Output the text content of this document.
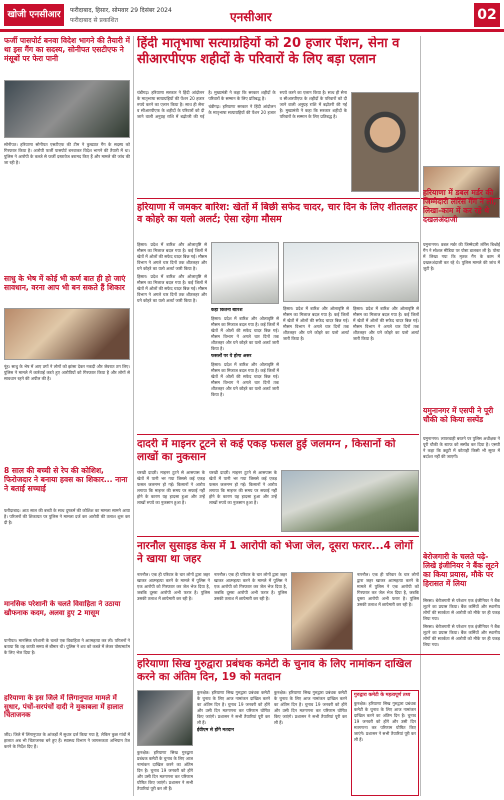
खोजी एनसीआर	फरीदाबाद, हिसार, सोमवार 29 दिसंबर 2024
फरीदाबाद से प्रकाशित	एनसीआर	02
फर्जी पासपोर्ट बनवा विदेश भागने की तैयारी में था इस गैंग का सदस्य, सोनीपत एसटीएफ ने मंसूबों पर फेरा पानी

सोनीपत। हरियाणा सोनीपत एसटीएफ की टीम ने कुख्यात गैंग के सदस्य को गिरफ्तार किया है। आरोपी फर्जी पासपोर्ट बनवाकर विदेश भागने की तैयारी में था। पुलिस ने आरोपी के कब्जे से फर्जी दस्तावेज बरामद किए हैं और मामले की जांच की जा रही है।

साधु के भेष में कोई भी कर्ण बात ही हो जाएं सावधान, वरना आप भी बन सकते हैं शिकार

नूंह। साधु के भेष में आए ठगों ने लोगों को झांसा देकर नकदी और जेवरात ठग लिए। पुलिस ने मामले में कार्रवाई करते हुए आरोपियों को गिरफ्तार किया है और लोगों से सावधान रहने की अपील की है।

8 साल की बच्ची से रेप की कोशिश, फिरोजदार ने बनाया हवस का शिकार... नाना ने बताई सच्चाई

फरीदाबाद। आठ साल की बच्ची के साथ दुष्कर्म की कोशिश का मामला सामने आया है। परिजनों की शिकायत पर पुलिस ने मामला दर्ज कर आरोपी की तलाश शुरू कर दी है।

मानसिक परेशानी के चलते विवाहिता ने उठाया खौफनाक कदम, अलवा हुए 2 मासूम

पानीपत। मानसिक परेशानी के चलते एक विवाहिता ने आत्महत्या कर ली। परिजनों ने बताया कि वह काफी समय से बीमार थी। पुलिस ने शव को कब्जे में लेकर पोस्टमार्टम के लिए भेज दिया है।

हरियाणा के इस जिले में लिंगानुपात मामले में सुधार, पंचों-सरपंचों दादी ने मुकाबला में हालात चिंताजनक

जींद। जिले में लिंगानुपात के आंकड़ों में सुधार दर्ज किया गया है, लेकिन कुछ गांवों में हालात अब भी चिंताजनक बने हुए हैं। स्वास्थ्य विभाग ने जागरूकता अभियान तेज करने के निर्देश दिए हैं।

हिंदी मातृभाषा सत्याग्रहियों को 20 हजार पेंशन, सेना व सीआरपीएफ शहीदों के परिवारों के लिए बड़ा एलान

चंडीगढ़। हरियाणा सरकार ने हिंदी आंदोलन के मातृभाषा सत्याग्रहियों की पेंशन 20 हजार रुपये करने का एलान किया है। साथ ही सेना व सीआरपीएफ के शहीदों के परिवारों को दी जाने वाली अनुग्रह राशि में बढ़ोतरी की गई है। मुख्यमंत्री ने कहा कि सरकार शहीदों के परिवारों के सम्मान के लिए प्रतिबद्ध है।

चंडीगढ़। हरियाणा सरकार ने हिंदी आंदोलन के मातृभाषा सत्याग्रहियों की पेंशन 20 हजार रुपये करने का एलान किया है। साथ ही सेना व सीआरपीएफ के शहीदों के परिवारों को दी जाने वाली अनुग्रह राशि में बढ़ोतरी की गई है। मुख्यमंत्री ने कहा कि सरकार शहीदों के परिवारों के सम्मान के लिए प्रतिबद्ध है।

हरियाणा में जमकर बारिश: खेतों में बिछी सफेद चादर, चार दिन के लिए शीतलहर व कोहरे का यलो अलर्ट; ऐसा रहेगा मौसम

हिसार। प्रदेश में बारिश और ओलावृष्टि से मौसम का मिजाज बदल गया है। कई जिलों में खेतों में ओलों की सफेद चादर बिछ गई। मौसम विभाग ने अगले चार दिनों तक शीतलहर और घने कोहरे का यलो अलर्ट जारी किया है।

हिसार। प्रदेश में बारिश और ओलावृष्टि से मौसम का मिजाज बदल गया है। कई जिलों में खेतों में ओलों की सफेद चादर बिछ गई। मौसम विभाग ने अगले चार दिनों तक शीतलहर और घने कोहरे का यलो अलर्ट जारी किया है।

कहां कितनी बारिश

हिसार। प्रदेश में बारिश और ओलावृष्टि से मौसम का मिजाज बदल गया है। कई जिलों में खेतों में ओलों की सफेद चादर बिछ गई। मौसम विभाग ने अगले चार दिनों तक शीतलहर और घने कोहरे का यलो अलर्ट जारी किया है।

फसलों पर ये होगा असर

हिसार। प्रदेश में बारिश और ओलावृष्टि से मौसम का मिजाज बदल गया है। कई जिलों में खेतों में ओलों की सफेद चादर बिछ गई। मौसम विभाग ने अगले चार दिनों तक शीतलहर और घने कोहरे का यलो अलर्ट जारी किया है।

हिसार। प्रदेश में बारिश और ओलावृष्टि से मौसम का मिजाज बदल गया है। कई जिलों में खेतों में ओलों की सफेद चादर बिछ गई। मौसम विभाग ने अगले चार दिनों तक शीतलहर और घने कोहरे का यलो अलर्ट जारी किया है।

हिसार। प्रदेश में बारिश और ओलावृष्टि से मौसम का मिजाज बदल गया है। कई जिलों में खेतों में ओलों की सफेद चादर बिछ गई। मौसम विभाग ने अगले चार दिनों तक शीतलहर और घने कोहरे का यलो अलर्ट जारी किया है।

हरियाणा में डबल मर्डर की जिम्मेदारी लॉरेंस गैंग ने ली, लिखा-काम में कर रहे थे दखलअंदाजी

यमुनानगर। डबल मर्डर की जिम्मेदारी लॉरेंस बिश्नोई गैंग ने सोशल मीडिया पर पोस्ट डालकर ली है। पोस्ट में लिखा गया कि मृतक गैंग के काम में दखलअंदाजी कर रहे थे। पुलिस मामले की जांच में जुटी है।

यमुनानगर में एसपी ने पूरी चौकी को किया सस्पेंड

यमुनानगर। लापरवाही बरतने पर पुलिस अधीक्षक ने पूरी चौकी के स्टाफ को सस्पेंड कर दिया है। एसपी ने कहा कि ड्यूटी में कोताही किसी भी सूरत में बर्दाश्त नहीं की जाएगी।

बेरोजगारी के चलते पढ़े-लिखे इंजीनियर ने बैंक लूटने का किया प्रयास, मौके पर हिरासत में लिया

सिरसा। बेरोजगारी से परेशान एक इंजीनियर ने बैंक लूटने का प्रयास किया। बैंक कर्मियों और स्थानीय लोगों की सतर्कता से आरोपी को मौके पर ही पकड़ लिया गया।

सिरसा। बेरोजगारी से परेशान एक इंजीनियर ने बैंक लूटने का प्रयास किया। बैंक कर्मियों और स्थानीय लोगों की सतर्कता से आरोपी को मौके पर ही पकड़ लिया गया।

दादरी में माइनर टूटने से कई एकड़ फसल हुई जलमग्न , किसानों को लाखों का नुकसान

चरखी दादरी। माइनर टूटने से आसपास के खेतों में पानी भर गया जिससे कई एकड़ फसल जलमग्न हो गई। किसानों ने आरोप लगाया कि माइनर की समय पर सफाई नहीं होने के कारण यह हादसा हुआ और उन्हें लाखों रुपये का नुकसान हुआ है।

चरखी दादरी। माइनर टूटने से आसपास के खेतों में पानी भर गया जिससे कई एकड़ फसल जलमग्न हो गई। किसानों ने आरोप लगाया कि माइनर की समय पर सफाई नहीं होने के कारण यह हादसा हुआ और उन्हें लाखों रुपये का नुकसान हुआ है।

नारनौल सुसाइड केस में 1 आरोपी को भेजा जेल, दूसरा फरार...4 लोगों ने खाया था जहर

नारनौल। एक ही परिवार के चार लोगों द्वारा जहर खाकर आत्महत्या करने के मामले में पुलिस ने एक आरोपी को गिरफ्तार कर जेल भेज दिया है, जबकि दूसरा आरोपी अभी फरार है। पुलिस उसकी तलाश में छापेमारी कर रही है।

नारनौल। एक ही परिवार के चार लोगों द्वारा जहर खाकर आत्महत्या करने के मामले में पुलिस ने एक आरोपी को गिरफ्तार कर जेल भेज दिया है, जबकि दूसरा आरोपी अभी फरार है। पुलिस उसकी तलाश में छापेमारी कर रही है।

नारनौल। एक ही परिवार के चार लोगों द्वारा जहर खाकर आत्महत्या करने के मामले में पुलिस ने एक आरोपी को गिरफ्तार कर जेल भेज दिया है, जबकि दूसरा आरोपी अभी फरार है। पुलिस उसकी तलाश में छापेमारी कर रही है।

हरियाणा सिख गुरुद्वारा प्रबंधक कमेटी के चुनाव के लिए नामांकन दाखिल करने का अंतिम दिन, 19 को मतदान

कुरुक्षेत्र। हरियाणा सिख गुरुद्वारा प्रबंधक कमेटी के चुनाव के लिए आज नामांकन दाखिल करने का अंतिम दिन है। चुनाव 19 जनवरी को होंगे और उसी दिन मतगणना कर परिणाम घोषित किए जाएंगे। प्रशासन ने सभी तैयारियां पूरी कर ली हैं।

कुरुक्षेत्र। हरियाणा सिख गुरुद्वारा प्रबंधक कमेटी के चुनाव के लिए आज नामांकन दाखिल करने का अंतिम दिन है। चुनाव 19 जनवरी को होंगे और उसी दिन मतगणना कर परिणाम घोषित किए जाएंगे। प्रशासन ने सभी तैयारियां पूरी कर ली हैं।

ईवीएम से होंगे मतदान

कुरुक्षेत्र। हरियाणा सिख गुरुद्वारा प्रबंधक कमेटी के चुनाव के लिए आज नामांकन दाखिल करने का अंतिम दिन है। चुनाव 19 जनवरी को होंगे और उसी दिन मतगणना कर परिणाम घोषित किए जाएंगे। प्रशासन ने सभी तैयारियां पूरी कर ली हैं।

गुरुद्वारा कमेटी के महत्वपूर्ण तथ्य

कुरुक्षेत्र। हरियाणा सिख गुरुद्वारा प्रबंधक कमेटी के चुनाव के लिए आज नामांकन दाखिल करने का अंतिम दिन है। चुनाव 19 जनवरी को होंगे और उसी दिन मतगणना कर परिणाम घोषित किए जाएंगे। प्रशासन ने सभी तैयारियां पूरी कर ली हैं।
